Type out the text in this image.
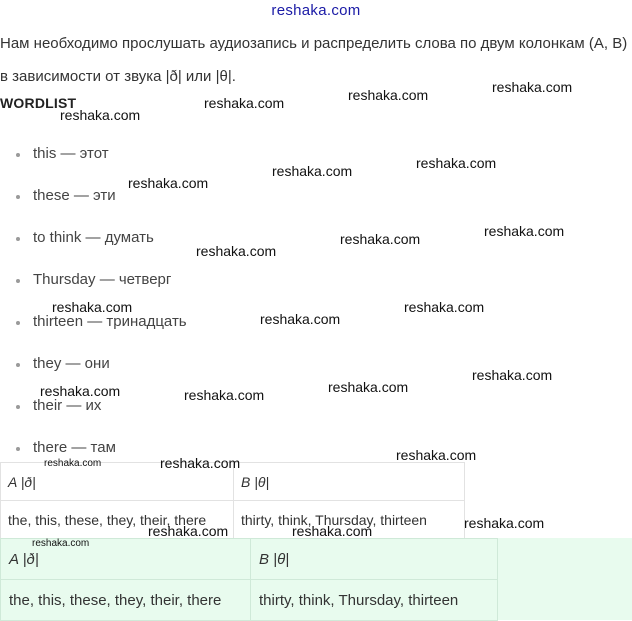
reshaka.com
Нам необходимо прослушать аудиозапись и распределить слова по двум колонкам (A, B) в зависимости от звука |ð| или |θ|.
WORDLIST
this — этот
these — эти
to think — думать
Thursday — четверг
thirteen — тринадцать
they — они
their — их
there — там
A |ð|	B |θ|
the, this, these, they, their, there	thirty, think, Thursday, thirteen
A |ð|	B |θ|
the, this, these, they, their, there	thirty, think, Thursday, thirteen
reshaka.com	reshaka.com	reshaka.com
reshaka.com
reshaka.com	reshaka.com
reshaka.com
reshaka.com
reshaka.com	reshaka.com
reshaka.com
reshaka.com
reshaka.com
reshaka.com	reshaka.com	reshaka.com
reshaka.com
reshaka.com	reshaka.com	reshaka.com
reshaka.com
reshaka.com	reshaka.com
reshaka.com
